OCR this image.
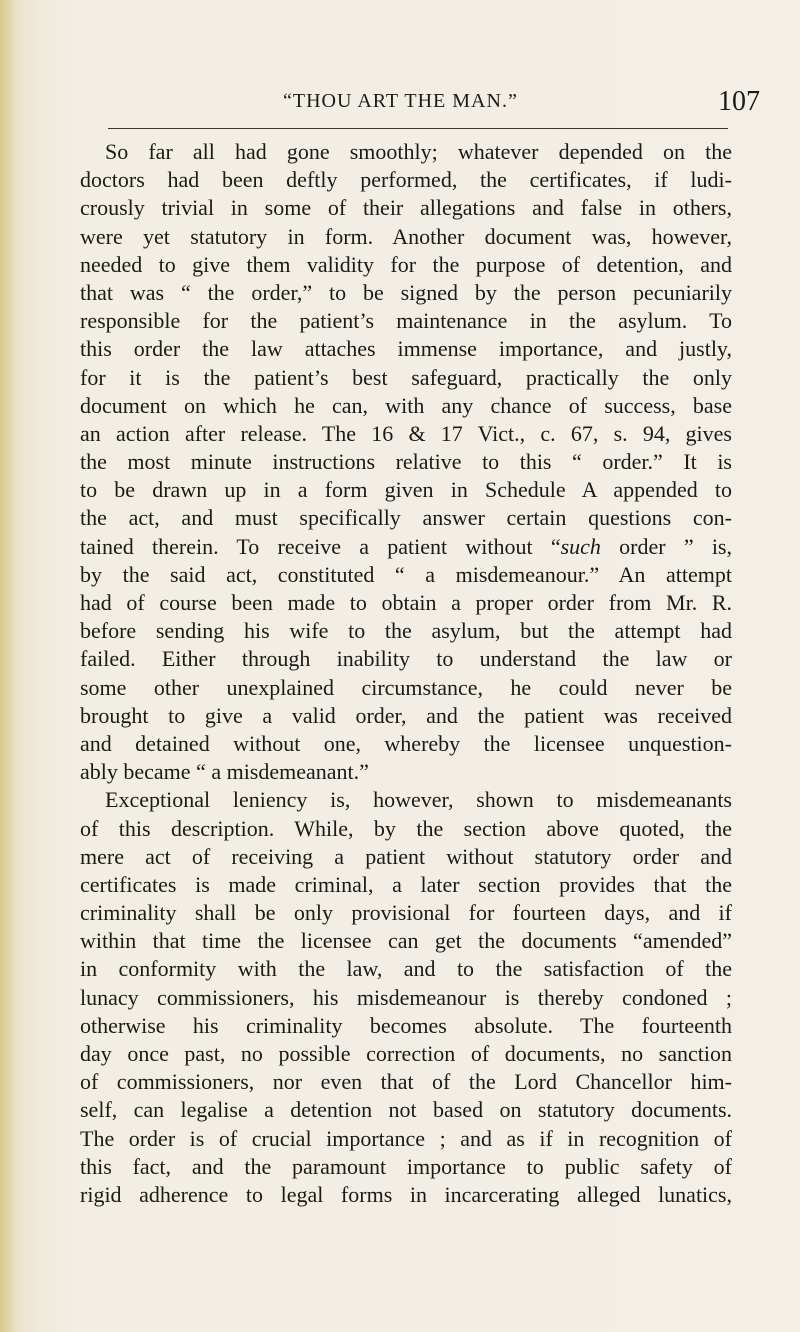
“THOU ART THE MAN.”	107
So far all had gone smoothly; whatever depended on the
doctors had been deftly performed, the certificates, if ludi-
crously trivial in some of their allegations and false in others,
were yet statutory in form. Another document was, however,
needed to give them validity for the purpose of detention, and
that was “ the order,” to be signed by the person pecuniarily
responsible for the patient’s maintenance in the asylum. To
this order the law attaches immense importance, and justly,
for it is the patient’s best safeguard, practically the only
document on which he can, with any chance of success, base
an action after release. The 16 & 17 Vict., c. 67, s. 94, gives
the most minute instructions relative to this “ order.” It is
to be drawn up in a form given in Schedule A appended to
the act, and must specifically answer certain questions con-
tained therein. To receive a patient without “such order ” is,
by the said act, constituted “ a misdemeanour.” An attempt
had of course been made to obtain a proper order from Mr. R.
before sending his wife to the asylum, but the attempt had
failed. Either through inability to understand the law or
some other unexplained circumstance, he could never be
brought to give a valid order, and the patient was received
and detained without one, whereby the licensee unquestion-
ably became “ a misdemeanant.”
Exceptional leniency is, however, shown to misdemeanants
of this description. While, by the section above quoted, the
mere act of receiving a patient without statutory order and
certificates is made criminal, a later section provides that the
criminality shall be only provisional for fourteen days, and if
within that time the licensee can get the documents “amended”
in conformity with the law, and to the satisfaction of the
lunacy commissioners, his misdemeanour is thereby condoned ;
otherwise his criminality becomes absolute. The fourteenth
day once past, no possible correction of documents, no sanction
of commissioners, nor even that of the Lord Chancellor him-
self, can legalise a detention not based on statutory documents.
The order is of crucial importance ; and as if in recognition of
this fact, and the paramount importance to public safety of
rigid adherence to legal forms in incarcerating alleged lunatics,
